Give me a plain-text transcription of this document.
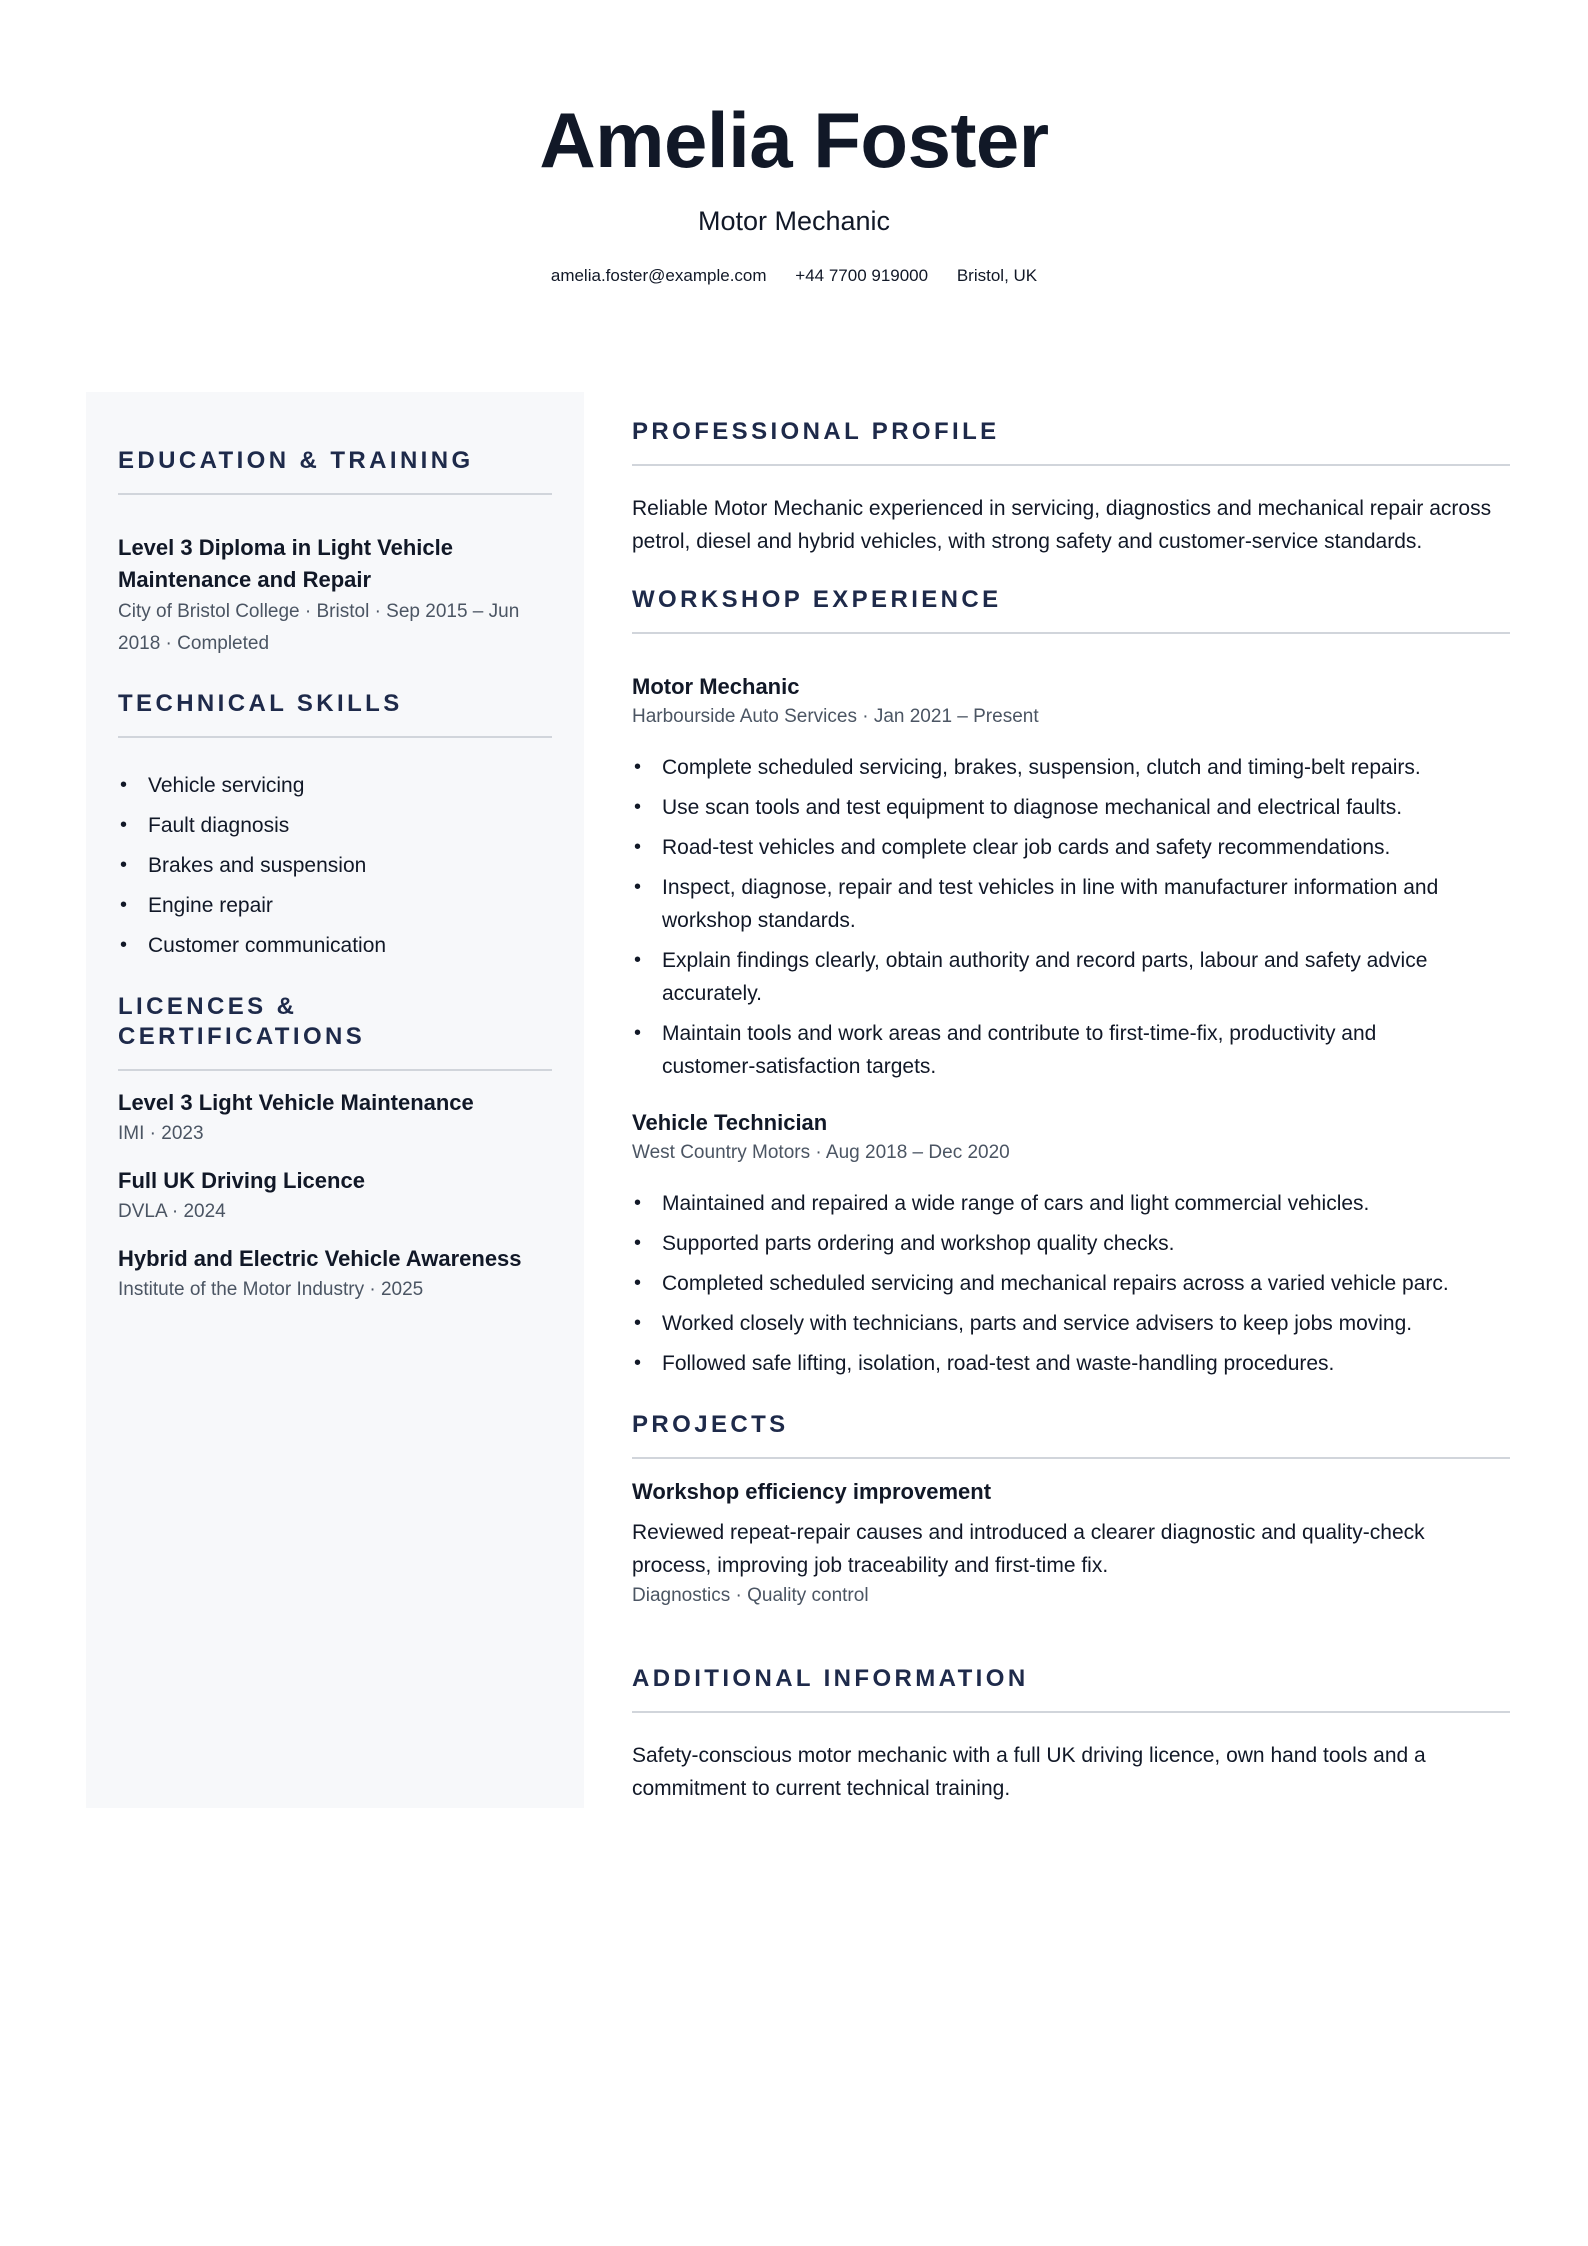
Amelia Foster
Motor Mechanic
amelia.foster@example.com +44 7700 919000 Bristol, UK
EDUCATION & TRAINING
Level 3 Diploma in Light Vehicle
Maintenance and Repair
City of Bristol College · Bristol · Sep 2015 – Jun
2018 · Completed
TECHNICAL SKILLS
• Vehicle servicing
• Fault diagnosis
• Brakes and suspension
• Engine repair
• Customer communication
LICENCES & CERTIFICATIONS
Level 3 Light Vehicle Maintenance
IMI · 2023
Full UK Driving Licence
DVLA · 2024
Hybrid and Electric Vehicle Awareness
Institute of the Motor Industry · 2025
PROFESSIONAL PROFILE
Reliable Motor Mechanic experienced in servicing, diagnostics and mechanical repair across
petrol, diesel and hybrid vehicles, with strong safety and customer-service standards.
WORKSHOP EXPERIENCE
Motor Mechanic
Harbourside Auto Services · Jan 2021 – Present
• Complete scheduled servicing, brakes, suspension, clutch and timing-belt repairs.
• Use scan tools and test equipment to diagnose mechanical and electrical faults.
• Road-test vehicles and complete clear job cards and safety recommendations.
• Inspect, diagnose, repair and test vehicles in line with manufacturer information and
workshop standards.
• Explain findings clearly, obtain authority and record parts, labour and safety advice
accurately.
• Maintain tools and work areas and contribute to first-time-fix, productivity and
customer-satisfaction targets.
Vehicle Technician
West Country Motors · Aug 2018 – Dec 2020
• Maintained and repaired a wide range of cars and light commercial vehicles.
• Supported parts ordering and workshop quality checks.
• Completed scheduled servicing and mechanical repairs across a varied vehicle parc.
• Worked closely with technicians, parts and service advisers to keep jobs moving.
• Followed safe lifting, isolation, road-test and waste-handling procedures.
PROJECTS
Workshop efficiency improvement
Reviewed repeat-repair causes and introduced a clearer diagnostic and quality-check
process, improving job traceability and first-time fix.
Diagnostics · Quality control
ADDITIONAL INFORMATION
Safety-conscious motor mechanic with a full UK driving licence, own hand tools and a
commitment to current technical training.
